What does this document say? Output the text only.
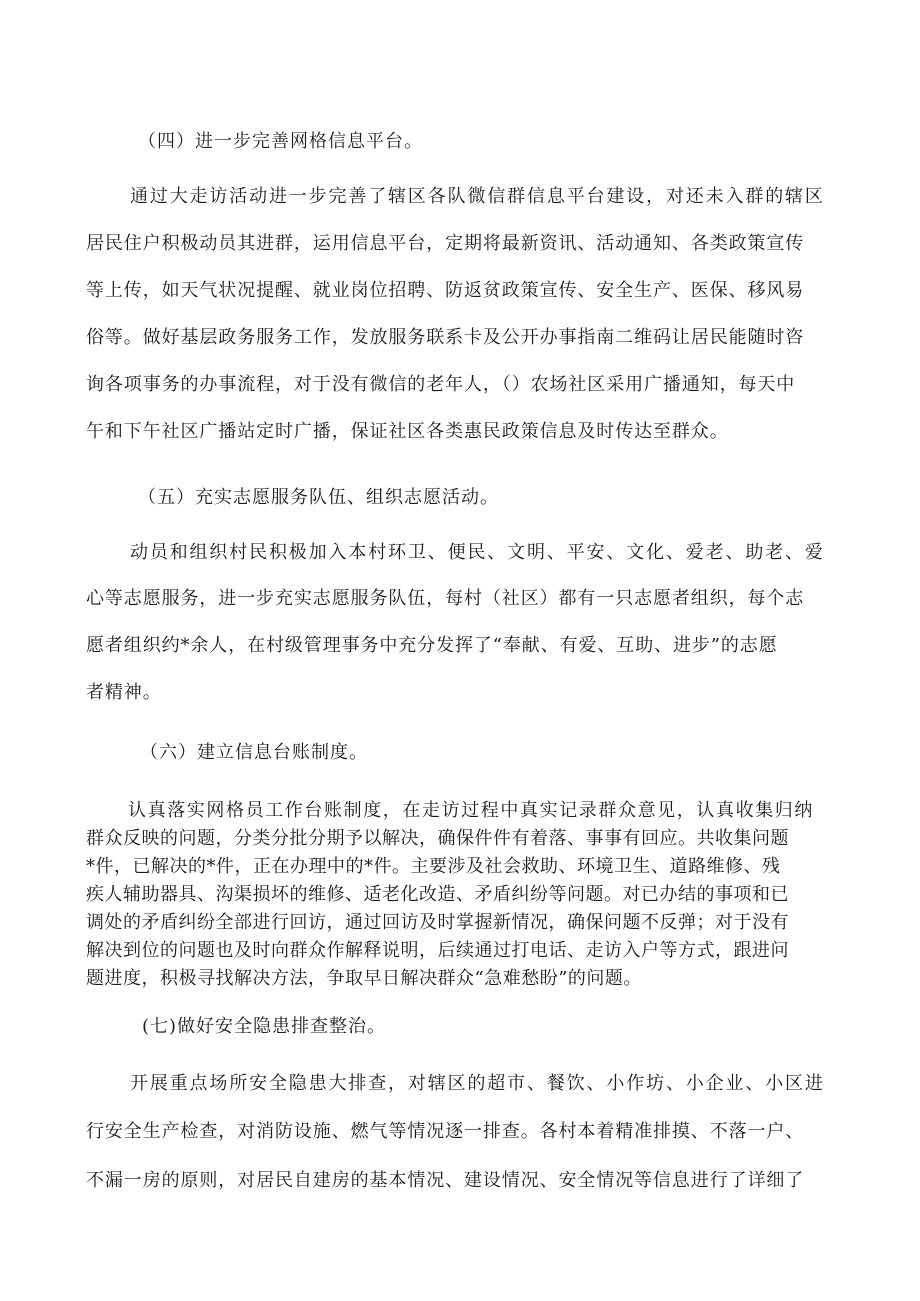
（四）进一步完善网格信息平台。
通过大走访活动进一步完善了辖区各队微信群信息平台建设，对还未入群的辖区
居民住户积极动员其进群，运用信息平台，定期将最新资讯、活动通知、各类政策宣传
等上传，如天气状况提醒、就业岗位招聘、防返贫政策宣传、安全生产、医保、移风易
俗等。做好基层政务服务工作，发放服务联系卡及公开办事指南二维码让居民能随时咨
询各项事务的办事流程，对于没有微信的老年人，（）农场社区采用广播通知，每天中
午和下午社区广播站定时广播，保证社区各类惠民政策信息及时传达至群众。
（五）充实志愿服务队伍、组织志愿活动。
动员和组织村民积极加入本村环卫、便民、文明、平安、文化、爱老、助老、爱
心等志愿服务，进一步充实志愿服务队伍，每村（社区）都有一只志愿者组织，每个志
愿者组织约*余人，在村级管理事务中充分发挥了“奉献、有爱、互助、进步”的志愿
者精神。
（六）建立信息台账制度。
认真落实网格员工作台账制度，在走访过程中真实记录群众意见，认真收集归纳
群众反映的问题，分类分批分期予以解决，确保件件有着落、事事有回应。共收集问题
*件，已解决的*件，正在办理中的*件。主要涉及社会救助、环境卫生、道路维修、残
疾人辅助器具、沟渠损坏的维修、适老化改造、矛盾纠纷等问题。对已办结的事项和已
调处的矛盾纠纷全部进行回访，通过回访及时掌握新情况，确保问题不反弹；对于没有
解决到位的问题也及时向群众作解释说明，后续通过打电话、走访入户等方式，跟进问
题进度，积极寻找解决方法，争取早日解决群众“急难愁盼”的问题。
(七)做好安全隐患排查整治。
开展重点场所安全隐患大排查，对辖区的超市、餐饮、小作坊、小企业、小区进
行安全生产检查，对消防设施、燃气等情况逐一排查。各村本着精准排摸、不落一户、
不漏一房的原则，对居民自建房的基本情况、建设情况、安全情况等信息进行了详细了
